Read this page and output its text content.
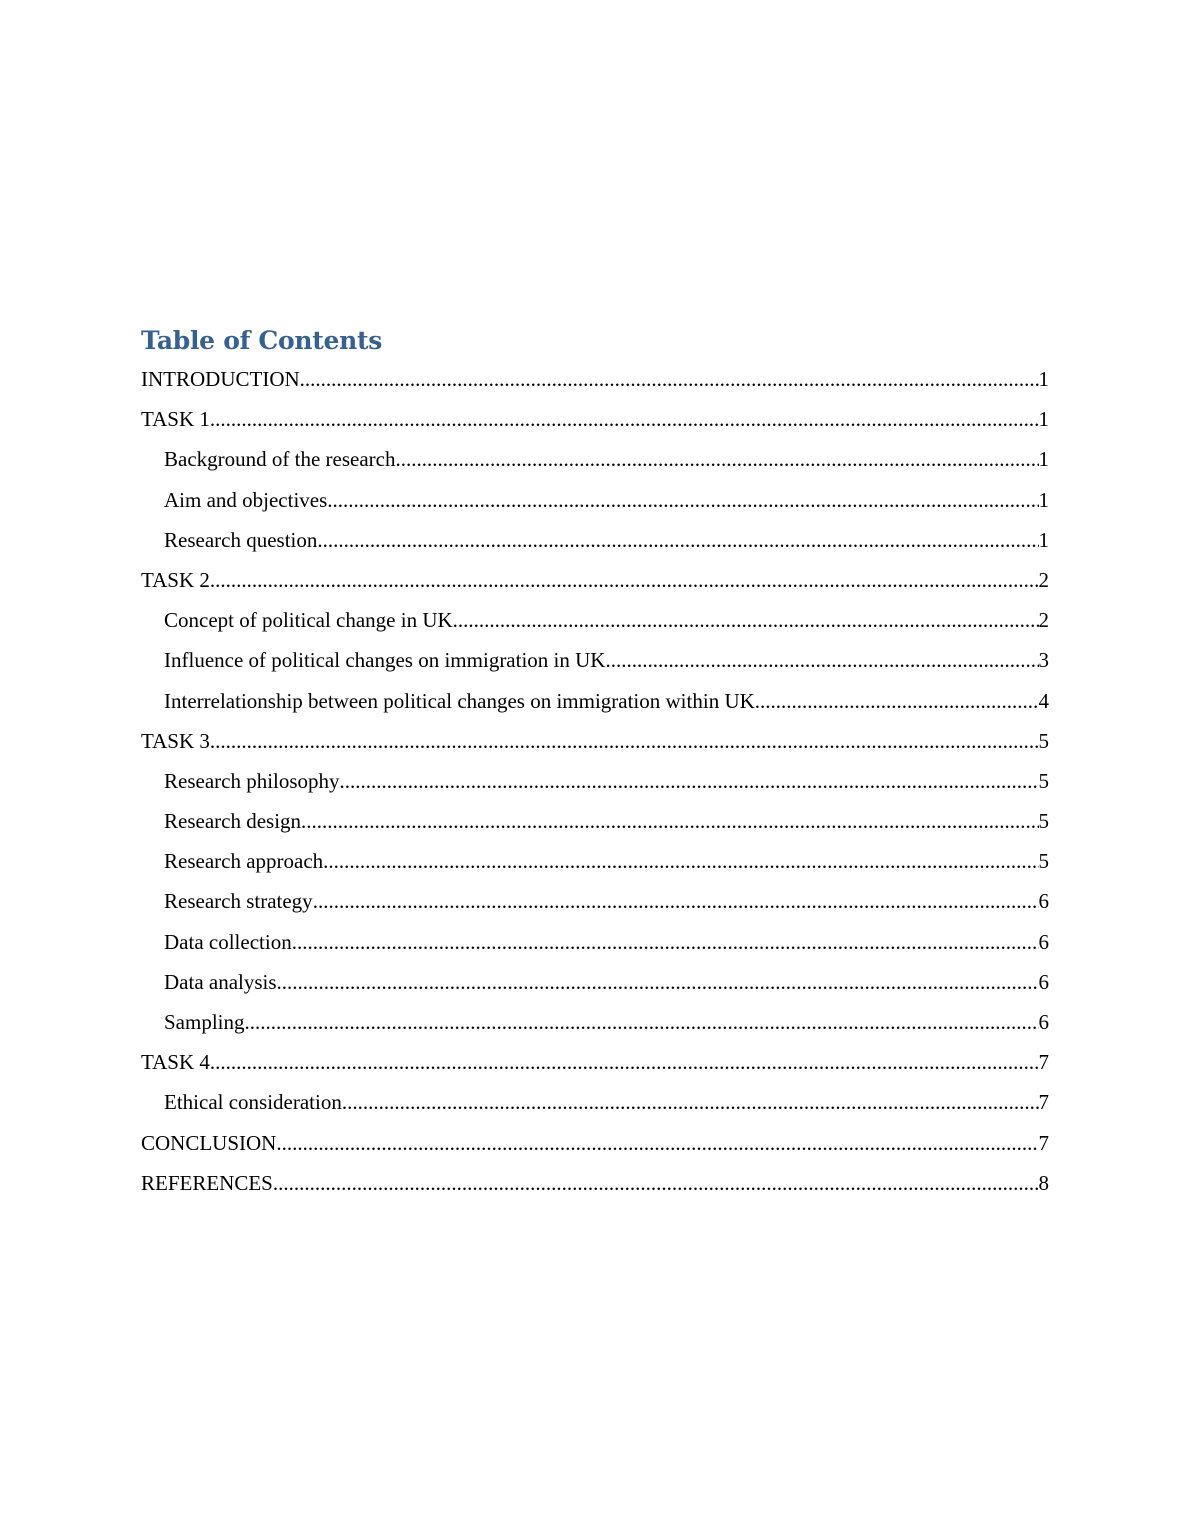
Table of Contents
INTRODUCTION .....	1
TASK 1 .....	1
Background of the research .....	1
Aim and objectives .....	1
Research question .....	1
TASK 2 .....	2
Concept of political change in UK .....	2
Influence of political changes on immigration in UK .....	3
Interrelationship between political changes on immigration within UK .....	4
TASK 3 .....	5
Research philosophy .....	5
Research design .....	5
Research approach .....	5
Research strategy .....	6
Data collection .....	6
Data analysis .....	6
Sampling .....	6
TASK 4 .....	7
Ethical consideration .....	7
CONCLUSION .....	7
REFERENCES .....	8
